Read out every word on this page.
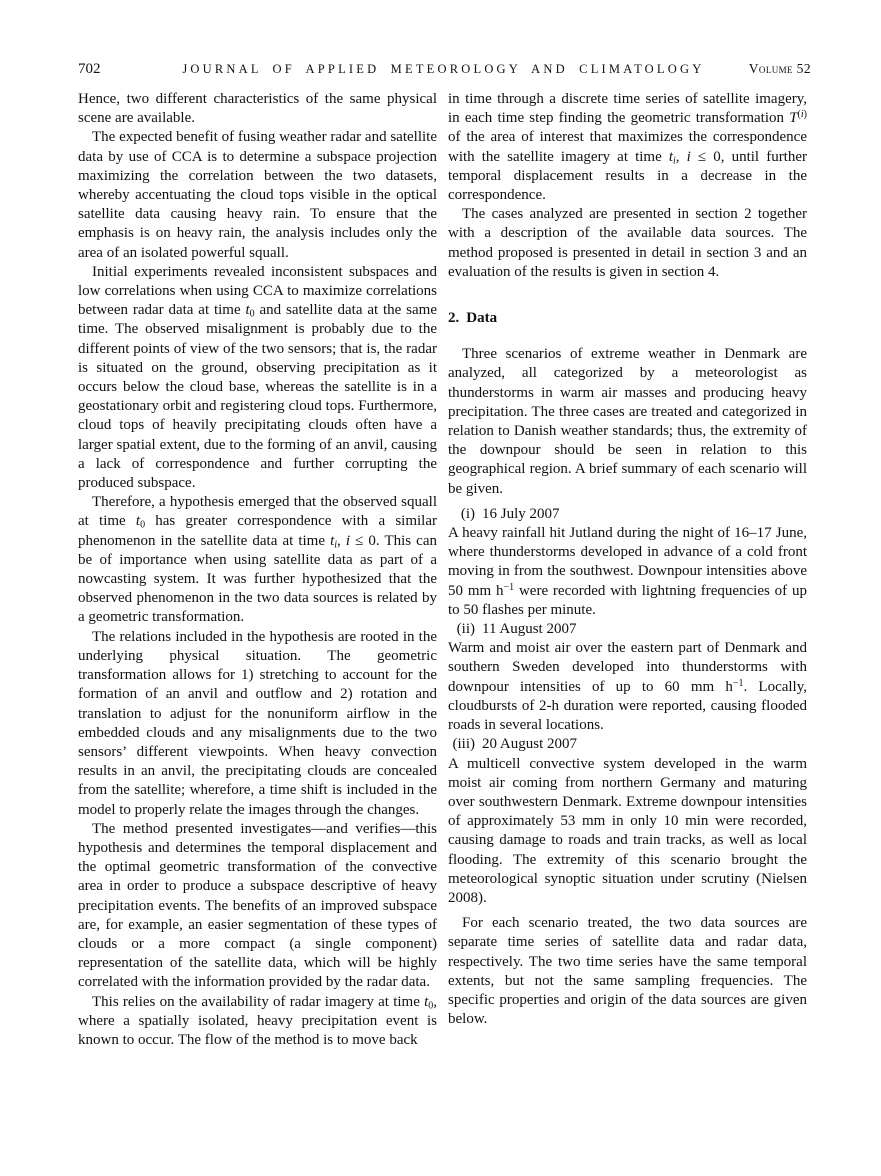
702	JOURNAL OF APPLIED METEOROLOGY AND CLIMATOLOGY	Volume 52

Hence, two different characteristics of the same physical scene are available.

The expected benefit of fusing weather radar and satellite data by use of CCA is to determine a subspace projection maximizing the correlation between the two datasets, whereby accentuating the cloud tops visible in the optical satellite data causing heavy rain. To ensure that the emphasis is on heavy rain, the analysis includes only the area of an isolated powerful squall.

Initial experiments revealed inconsistent subspaces and low correlations when using CCA to maximize correlations between radar data at time $t_0$ and satellite data at the same time. The observed misalignment is probably due to the different points of view of the two sensors; that is, the radar is situated on the ground, observing precipitation as it occurs below the cloud base, whereas the satellite is in a geostationary orbit and registering cloud tops. Furthermore, cloud tops of heavily precipitating clouds often have a larger spatial extent, due to the forming of an anvil, causing a lack of correspondence and further corrupting the produced subspace.

Therefore, a hypothesis emerged that the observed squall at time $t_0$ has greater correspondence with a similar phenomenon in the satellite data at time $t_i$, i ≤ 0. This can be of importance when using satellite data as part of a nowcasting system. It was further hypothesized that the observed phenomenon in the two data sources is related by a geometric transformation.

The relations included in the hypothesis are rooted in the underlying physical situation. The geometric transformation allows for 1) stretching to account for the formation of an anvil and outflow and 2) rotation and translation to adjust for the nonuniform airflow in the embedded clouds and any misalignments due to the two sensors’ different viewpoints. When heavy convection results in an anvil, the precipitating clouds are concealed from the satellite; wherefore, a time shift is included in the model to properly relate the images through the changes.

The method presented investigates—and verifies—this hypothesis and determines the temporal displacement and the optimal geometric transformation of the convective area in order to produce a subspace descriptive of heavy precipitation events. The benefits of an improved subspace are, for example, an easier segmentation of these types of clouds or a more compact (a single component) representation of the satellite data, which will be highly correlated with the information provided by the radar data.

This relies on the availability of radar imagery at time $t_0$, where a spatially isolated, heavy precipitation event is known to occur. The flow of the method is to move back

in time through a discrete time series of satellite imagery, in each time step finding the geometric transformation $T^{(i)}$ of the area of interest that maximizes the correspondence with the satellite imagery at time $t_i$, i ≤ 0, until further temporal displacement results in a decrease in the correspondence.

The cases analyzed are presented in section 2 together with a description of the available data sources. The method proposed is presented in detail in section 3 and an evaluation of the results is given in section 4.

2. Data

Three scenarios of extreme weather in Denmark are analyzed, all categorized by a meteorologist as thunderstorms in warm air masses and producing heavy precipitation. The three cases are treated and categorized in relation to Danish weather standards; thus, the extremity of the downpour should be seen in relation to this geographical region. A brief summary of each scenario will be given.

(i) 16 July 2007

A heavy rainfall hit Jutland during the night of 16–17 June, where thunderstorms developed in advance of a cold front moving in from the southwest. Downpour intensities above 50 mm $h^{-1}$ were recorded with lightning frequencies of up to 50 flashes per minute.

(ii) 11 August 2007

Warm and moist air over the eastern part of Denmark and southern Sweden developed into thunderstorms with downpour intensities of up to 60 mm $h^{-1}$. Locally, cloudbursts of 2-h duration were reported, causing flooded roads in several locations.

(iii) 20 August 2007

A multicell convective system developed in the warm moist air coming from northern Germany and maturing over southwestern Denmark. Extreme downpour intensities of approximately 53 mm in only 10 min were recorded, causing damage to roads and train tracks, as well as local flooding. The extremity of this scenario brought the meteorological synoptic situation under scrutiny (Nielsen 2008).

For each scenario treated, the two data sources are separate time series of satellite data and radar data, respectively. The two time series have the same temporal extents, but not the same sampling frequencies. The specific properties and origin of the data sources are given below.
